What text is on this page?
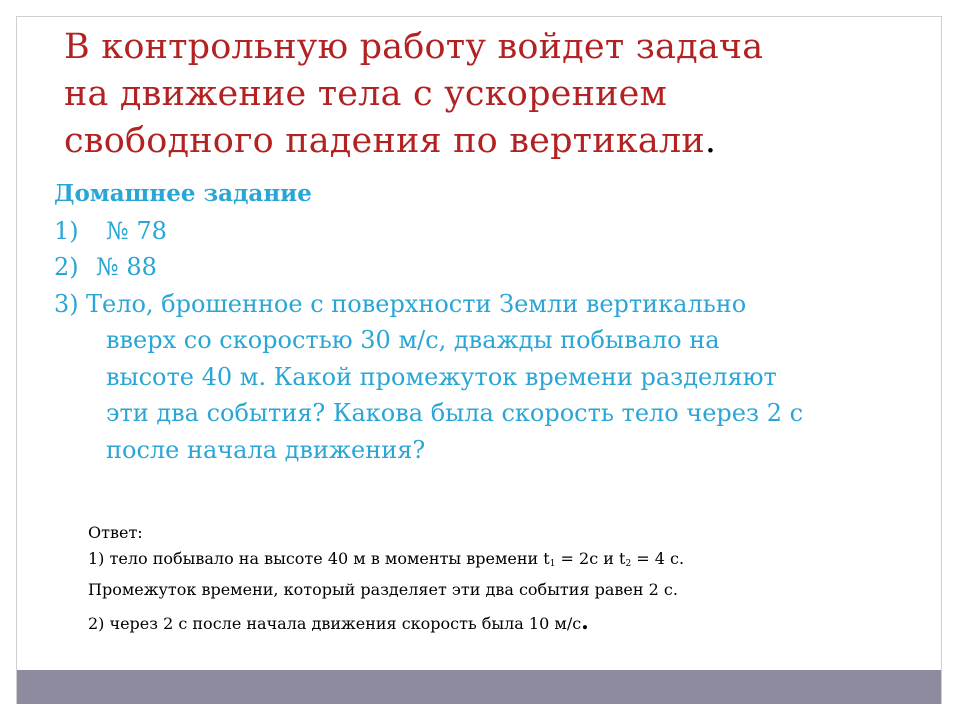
В контрольную работу войдет задача
на движение тела с ускорением
свободного падения по вертикали.
Домашнее задание
1)	№ 78
2) № 88
3) Тело, брошенное с поверхности Земли вертикально
вверх со скоростью 30 м/с, дважды побывало на
высоте 40 м. Какой промежуток времени разделяют
эти два события? Какова была скорость тело через 2 с
после начала движения?
Ответ:
1) тело побывало на высоте 40 м в моменты времени $t_1 = 2с$ и $t_2 = 4$ с.
Промежуток времени, который разделяет эти два события равен 2 с.
2) через 2 с после начала движения скорость была 10 м/с.
